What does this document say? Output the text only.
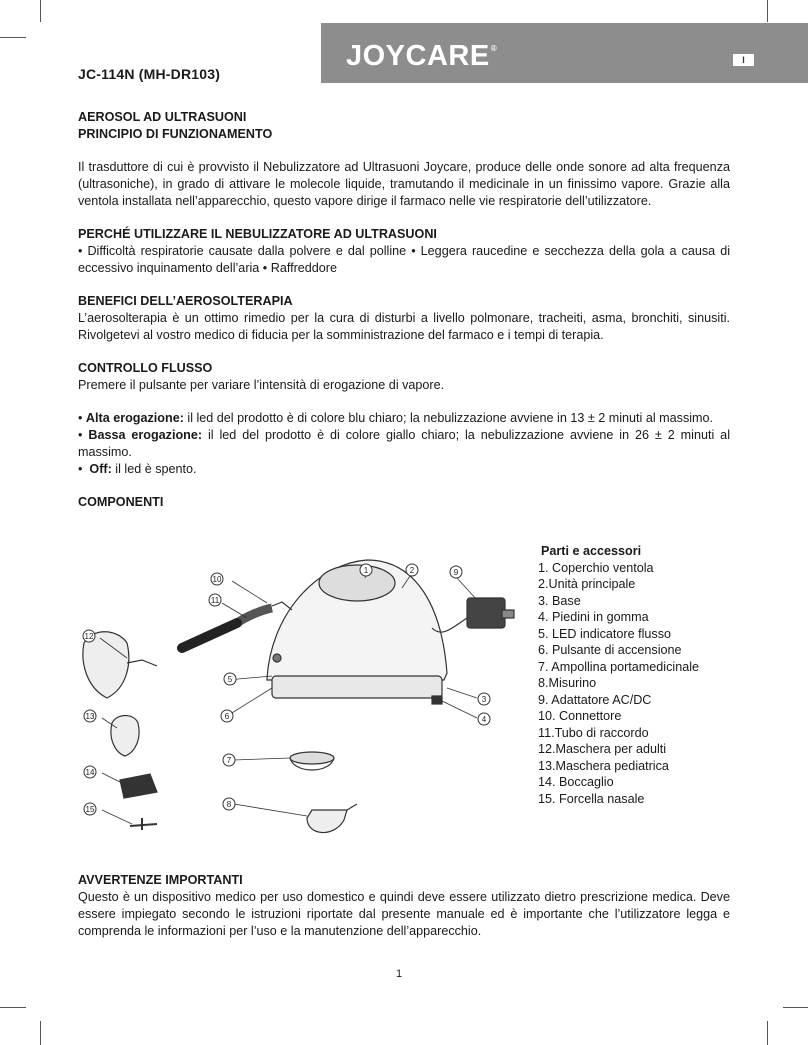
JC-114N (MH-DR103)
JOYCARE®
I
AEROSOL AD ULTRASUONI
PRINCIPIO DI FUNZIONAMENTO

Il trasduttore di cui è provvisto il Nebulizzatore ad Ultrasuoni Joycare, produce delle onde sonore ad alta frequenza (ultrasoniche), in grado di attivare le molecole liquide, tramutando il medicinale in un finissimo vapore. Grazie alla ventola installata nell’apparecchio, questo vapore dirige il farmaco nelle vie respiratorie dell’utilizzatore.

PERCHÉ UTILIZZARE IL NEBULIZZATORE AD ULTRASUONI

• Difficoltà respiratorie causate dalla polvere e dal polline • Leggera raucedine e secchezza della gola a causa di eccessivo inquinamento dell’aria • Raffreddore

BENEFICI DELL’AEROSOLTERAPIA

L’aerosolterapia è un ottimo rimedio per la cura di disturbi a livello polmonare, tracheiti, asma, bronchiti, sinusiti. Rivolgetevi al vostro medico di fiducia per la somministrazione del farmaco e i tempi di terapia.

CONTROLLO FLUSSO

Premere il pulsante per variare l’intensità di erogazione di vapore.

• Alta erogazione: il led del prodotto è di colore blu chiaro; la nebulizzazione avviene in 13 ± 2 minuti al massimo.

• Bassa erogazione: il led del prodotto è di colore giallo chiaro; la nebulizzazione avviene in 26 ± 2 minuti al massimo.

•  Off: il led è spento.

COMPONENTI
1	2
3
4
5
6
7
8
9
10
11
12
13
14
15
Parti e accessori
1. Coperchio ventola
2.Unità principale
3. Base
4. Piedini in gomma
5. LED indicatore flusso
6. Pulsante di accensione
7. Ampollina portamedicinale
8.Misurino
9. Adattatore AC/DC
10. Connettore
11.Tubo di raccordo
12.Maschera per adulti
13.Maschera pediatrica
14. Boccaglio
15. Forcella nasale
AVVERTENZE IMPORTANTI

Questo è un dispositivo medico per uso domestico e quindi deve essere utilizzato dietro prescrizione medica. Deve essere impiegato secondo le istruzioni riportate dal presente manuale ed è importante che l’utilizzatore legga e comprenda le informazioni per l’uso e la manutenzione dell’apparecchio.

1
